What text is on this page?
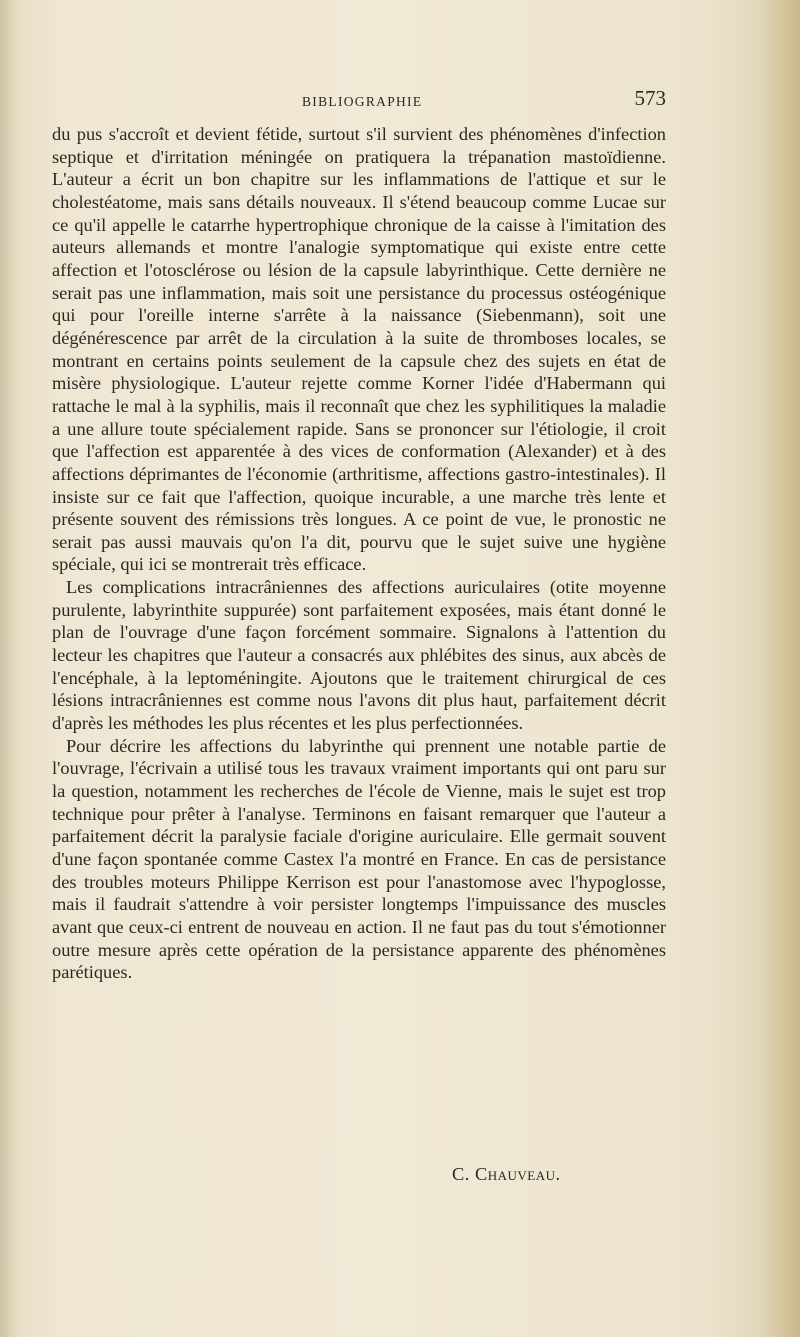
BIBLIOGRAPHIE	573

du pus s'accroît et devient fétide, surtout s'il survient des phénomènes d'infection septique et d'irritation méningée on pratiquera la trépanation mastoïdienne. L'auteur a écrit un bon chapitre sur les inflammations de l'attique et sur le cholestéatome, mais sans détails nouveaux. Il s'étend beaucoup comme Lucae sur ce qu'il appelle le catarrhe hypertrophique chronique de la caisse à l'imitation des auteurs allemands et montre l'analogie symptomatique qui existe entre cette affection et l'otosclérose ou lésion de la capsule labyrinthique. Cette dernière ne serait pas une inflammation, mais soit une persistance du processus ostéogénique qui pour l'oreille interne s'arrête à la naissance (Siebenmann), soit une dégénérescence par arrêt de la circulation à la suite de thromboses locales, se montrant en certains points seulement de la capsule chez des sujets en état de misère physiologique. L'auteur rejette comme Korner l'idée d'Habermann qui rattache le mal à la syphilis, mais il reconnaît que chez les syphilitiques la maladie a une allure toute spécialement rapide. Sans se prononcer sur l'étiologie, il croit que l'affection est apparentée à des vices de conformation (Alexander) et à des affections déprimantes de l'économie (arthritisme, affections gastro-intestinales). Il insiste sur ce fait que l'affection, quoique incurable, a une marche très lente et présente souvent des rémissions très longues. A ce point de vue, le pronostic ne serait pas aussi mauvais qu'on l'a dit, pourvu que le sujet suive une hygiène spéciale, qui ici se montrerait très efficace.

Les complications intracrâniennes des affections auriculaires (otite moyenne purulente, labyrinthite suppurée) sont parfaitement exposées, mais étant donné le plan de l'ouvrage d'une façon forcément sommaire. Signalons à l'attention du lecteur les chapitres que l'auteur a consacrés aux phlébites des sinus, aux abcès de l'encéphale, à la leptoméningite. Ajoutons que le traitement chirurgical de ces lésions intracrâniennes est comme nous l'avons dit plus haut, parfaitement décrit d'après les méthodes les plus récentes et les plus perfectionnées.

Pour décrire les affections du labyrinthe qui prennent une notable partie de l'ouvrage, l'écrivain a utilisé tous les travaux vraiment importants qui ont paru sur la question, notamment les recherches de l'école de Vienne, mais le sujet est trop technique pour prêter à l'analyse. Terminons en faisant remarquer que l'auteur a parfaitement décrit la paralysie faciale d'origine auriculaire. Elle germait souvent d'une façon spontanée comme Castex l'a montré en France. En cas de persistance des troubles moteurs Philippe Kerrison est pour l'anastomose avec l'hypoglosse, mais il faudrait s'attendre à voir persister longtemps l'impuissance des muscles avant que ceux-ci entrent de nouveau en action. Il ne faut pas du tout s'émotionner outre mesure après cette opération de la persistance apparente des phénomènes parétiques.

C. Chauveau.
